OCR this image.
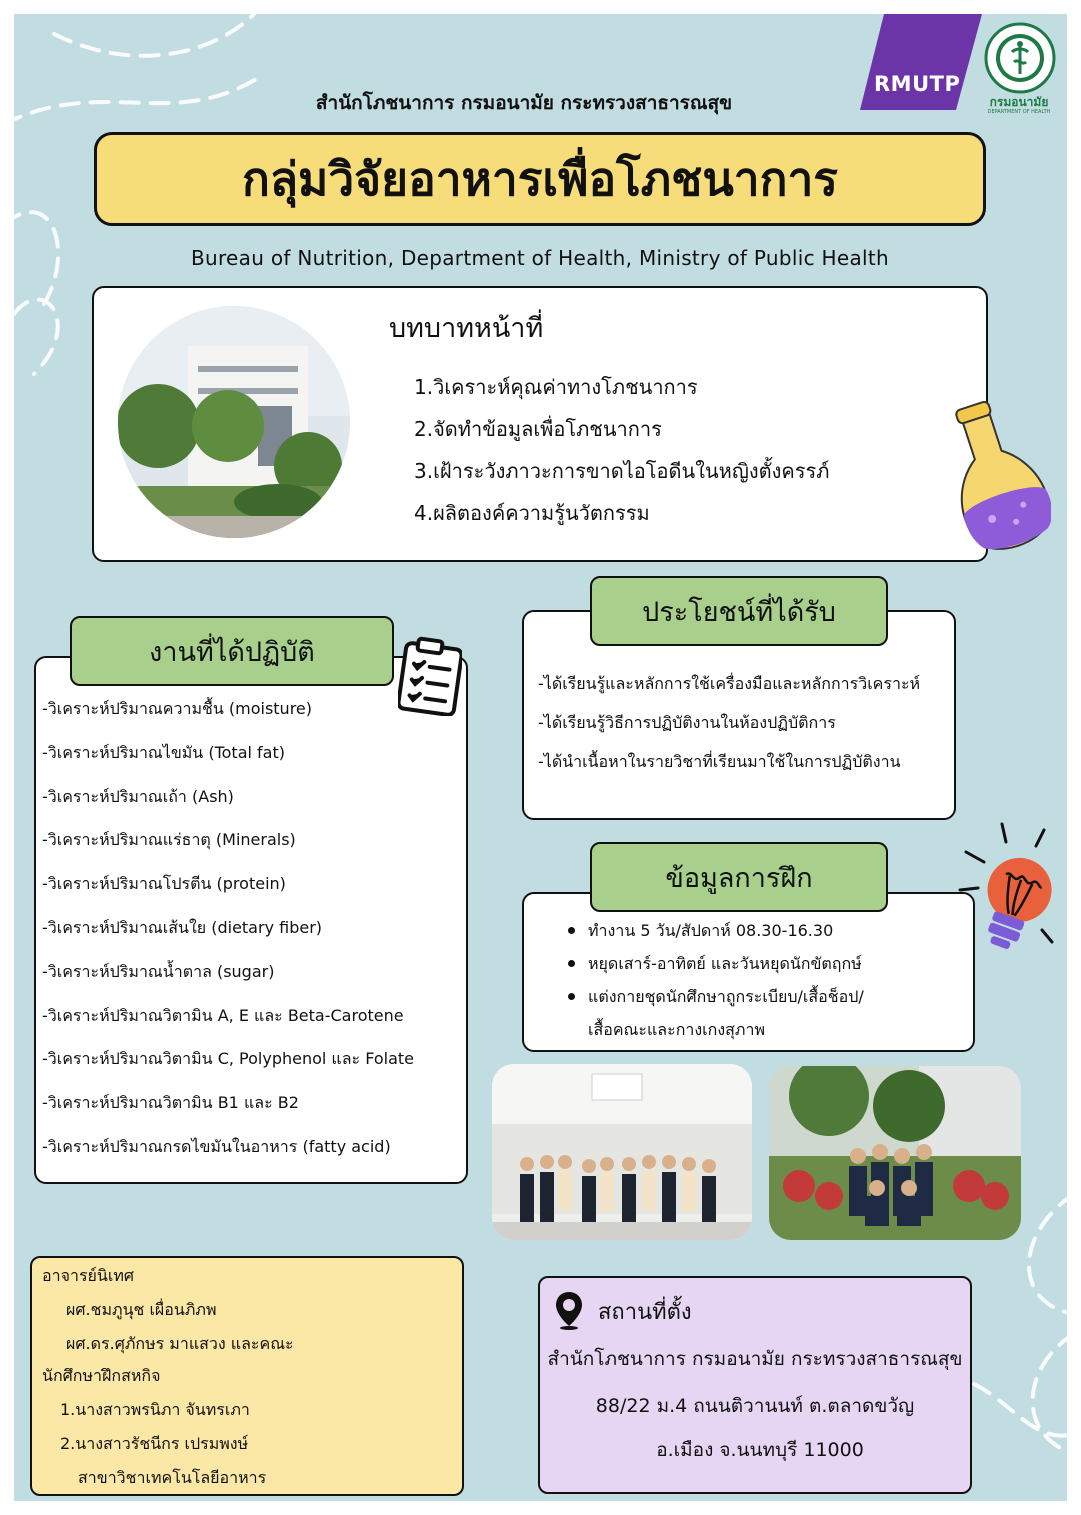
สำนักโภชนาการ กรมอนามัย กระทรวงสาธารณสุข
RMUTP
กรมอนามัย
DEPARTMENT OF HEALTH
กลุ่มวิจัยอาหารเพื่อโภชนาการ
Bureau of Nutrition, Department of Health, Ministry of Public Health
บทบาทหน้าที่
1.วิเคราะห์คุณค่าทางโภชนาการ
2.จัดทำข้อมูลเพื่อโภชนาการ
3.เฝ้าระวังภาวะการขาดไอโอดีนในหญิงตั้งครรภ์
4.ผลิตองค์ความรู้นวัตกรรม
งานที่ได้ปฏิบัติ
-วิเคราะห์ปริมาณความชื้น (moisture)
-วิเคราะห์ปริมาณไขมัน (Total fat)
-วิเคราะห์ปริมาณเถ้า (Ash)
-วิเคราะห์ปริมาณแร่ธาตุ (Minerals)
-วิเคราะห์ปริมาณโปรตีน (protein)
-วิเคราะห์ปริมาณเส้นใย (dietary fiber)
-วิเคราะห์ปริมาณน้ำตาล (sugar)
-วิเคราะห์ปริมาณวิตามิน A, E และ Beta-Carotene
-วิเคราะห์ปริมาณวิตามิน C, Polyphenol และ Folate
-วิเคราะห์ปริมาณวิตามิน B1 และ B2
-วิเคราะห์ปริมาณกรดไขมันในอาหาร (fatty acid)
ประโยชน์ที่ได้รับ
-ได้เรียนรู้และหลักการใช้เครื่องมือและหลักการวิเคราะห์
-ได้เรียนรู้วิธีการปฏิบัติงานในห้องปฏิบัติการ
-ได้นำเนื้อหาในรายวิชาที่เรียนมาใช้ในการปฏิบัติงาน
ข้อมูลการฝึก
ทำงาน 5 วัน/สัปดาห์ 08.30-16.30
หยุดเสาร์-อาทิตย์ และวันหยุดนักขัตฤกษ์
แต่งกายชุดนักศึกษาถูกระเบียบ/เสื้อช็อป/
เสื้อคณะและกางเกงสุภาพ
อาจารย์นิเทศ
ผศ.ชมภูนุช เผื่อนภิภพ
ผศ.ดร.ศุภักษร มาแสวง และคณะ
นักศึกษาฝึกสหกิจ
1.นางสาวพรนิภา จันทรเภา
2.นางสาวรัชนีกร เปรมพงษ์
สาขาวิชาเทคโนโลยีอาหาร
สถานที่ตั้ง
สำนักโภชนาการ กรมอนามัย กระทรวงสาธารณสุข
88/22 ม.4 ถนนติวานนท์ ต.ตลาดขวัญ
อ.เมือง จ.นนทบุรี 11000
